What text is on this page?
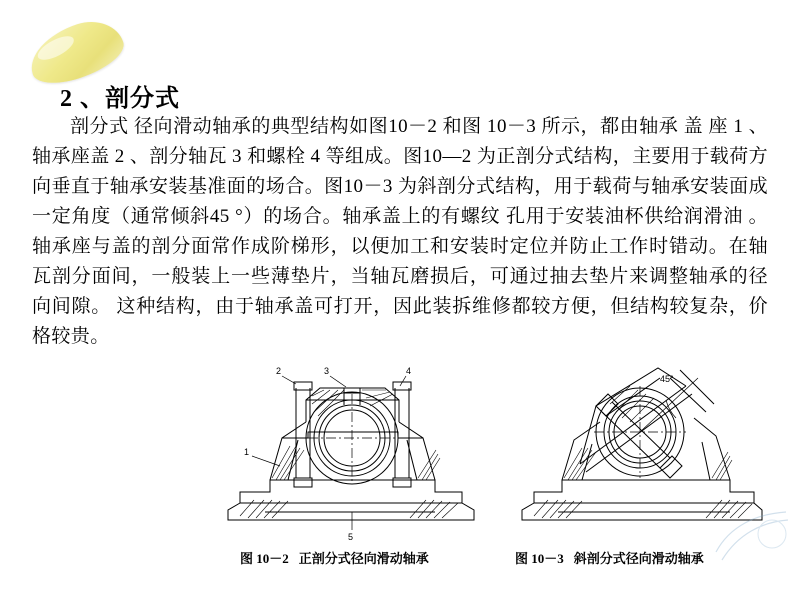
2 、剖分式
剖分式 径向滑动轴承的典型结构如图10－2 和图 10－3 所示，都由轴承 盖 座 1 、轴承座盖 2 、剖分轴瓦 3 和螺栓 4 等组成。图10—2 为正剖分式结构，主要用于载荷方向垂直于轴承安装基准面的场合。图10－3 为斜剖分式结构，用于载荷与轴承安装面成一定角度（通常倾斜45 °）的场合。轴承盖上的有螺纹 孔用于安装油杯供给润滑油 。轴承座与盖的剖分面常作成阶梯形，以便加工和安装时定位并防止工作时错动。在轴瓦剖分面间，一般装上一些薄垫片，当轴瓦磨损后，可通过抽去垫片来调整轴承的径向间隙。 这种结构，由于轴承盖可打开，因此装拆维修都较方便，但结构较复杂，价格较贵。
2	3	4
1
5
45°
图 10－2 正剖分式径向滑动轴承	图 10－3 斜剖分式径向滑动轴承
